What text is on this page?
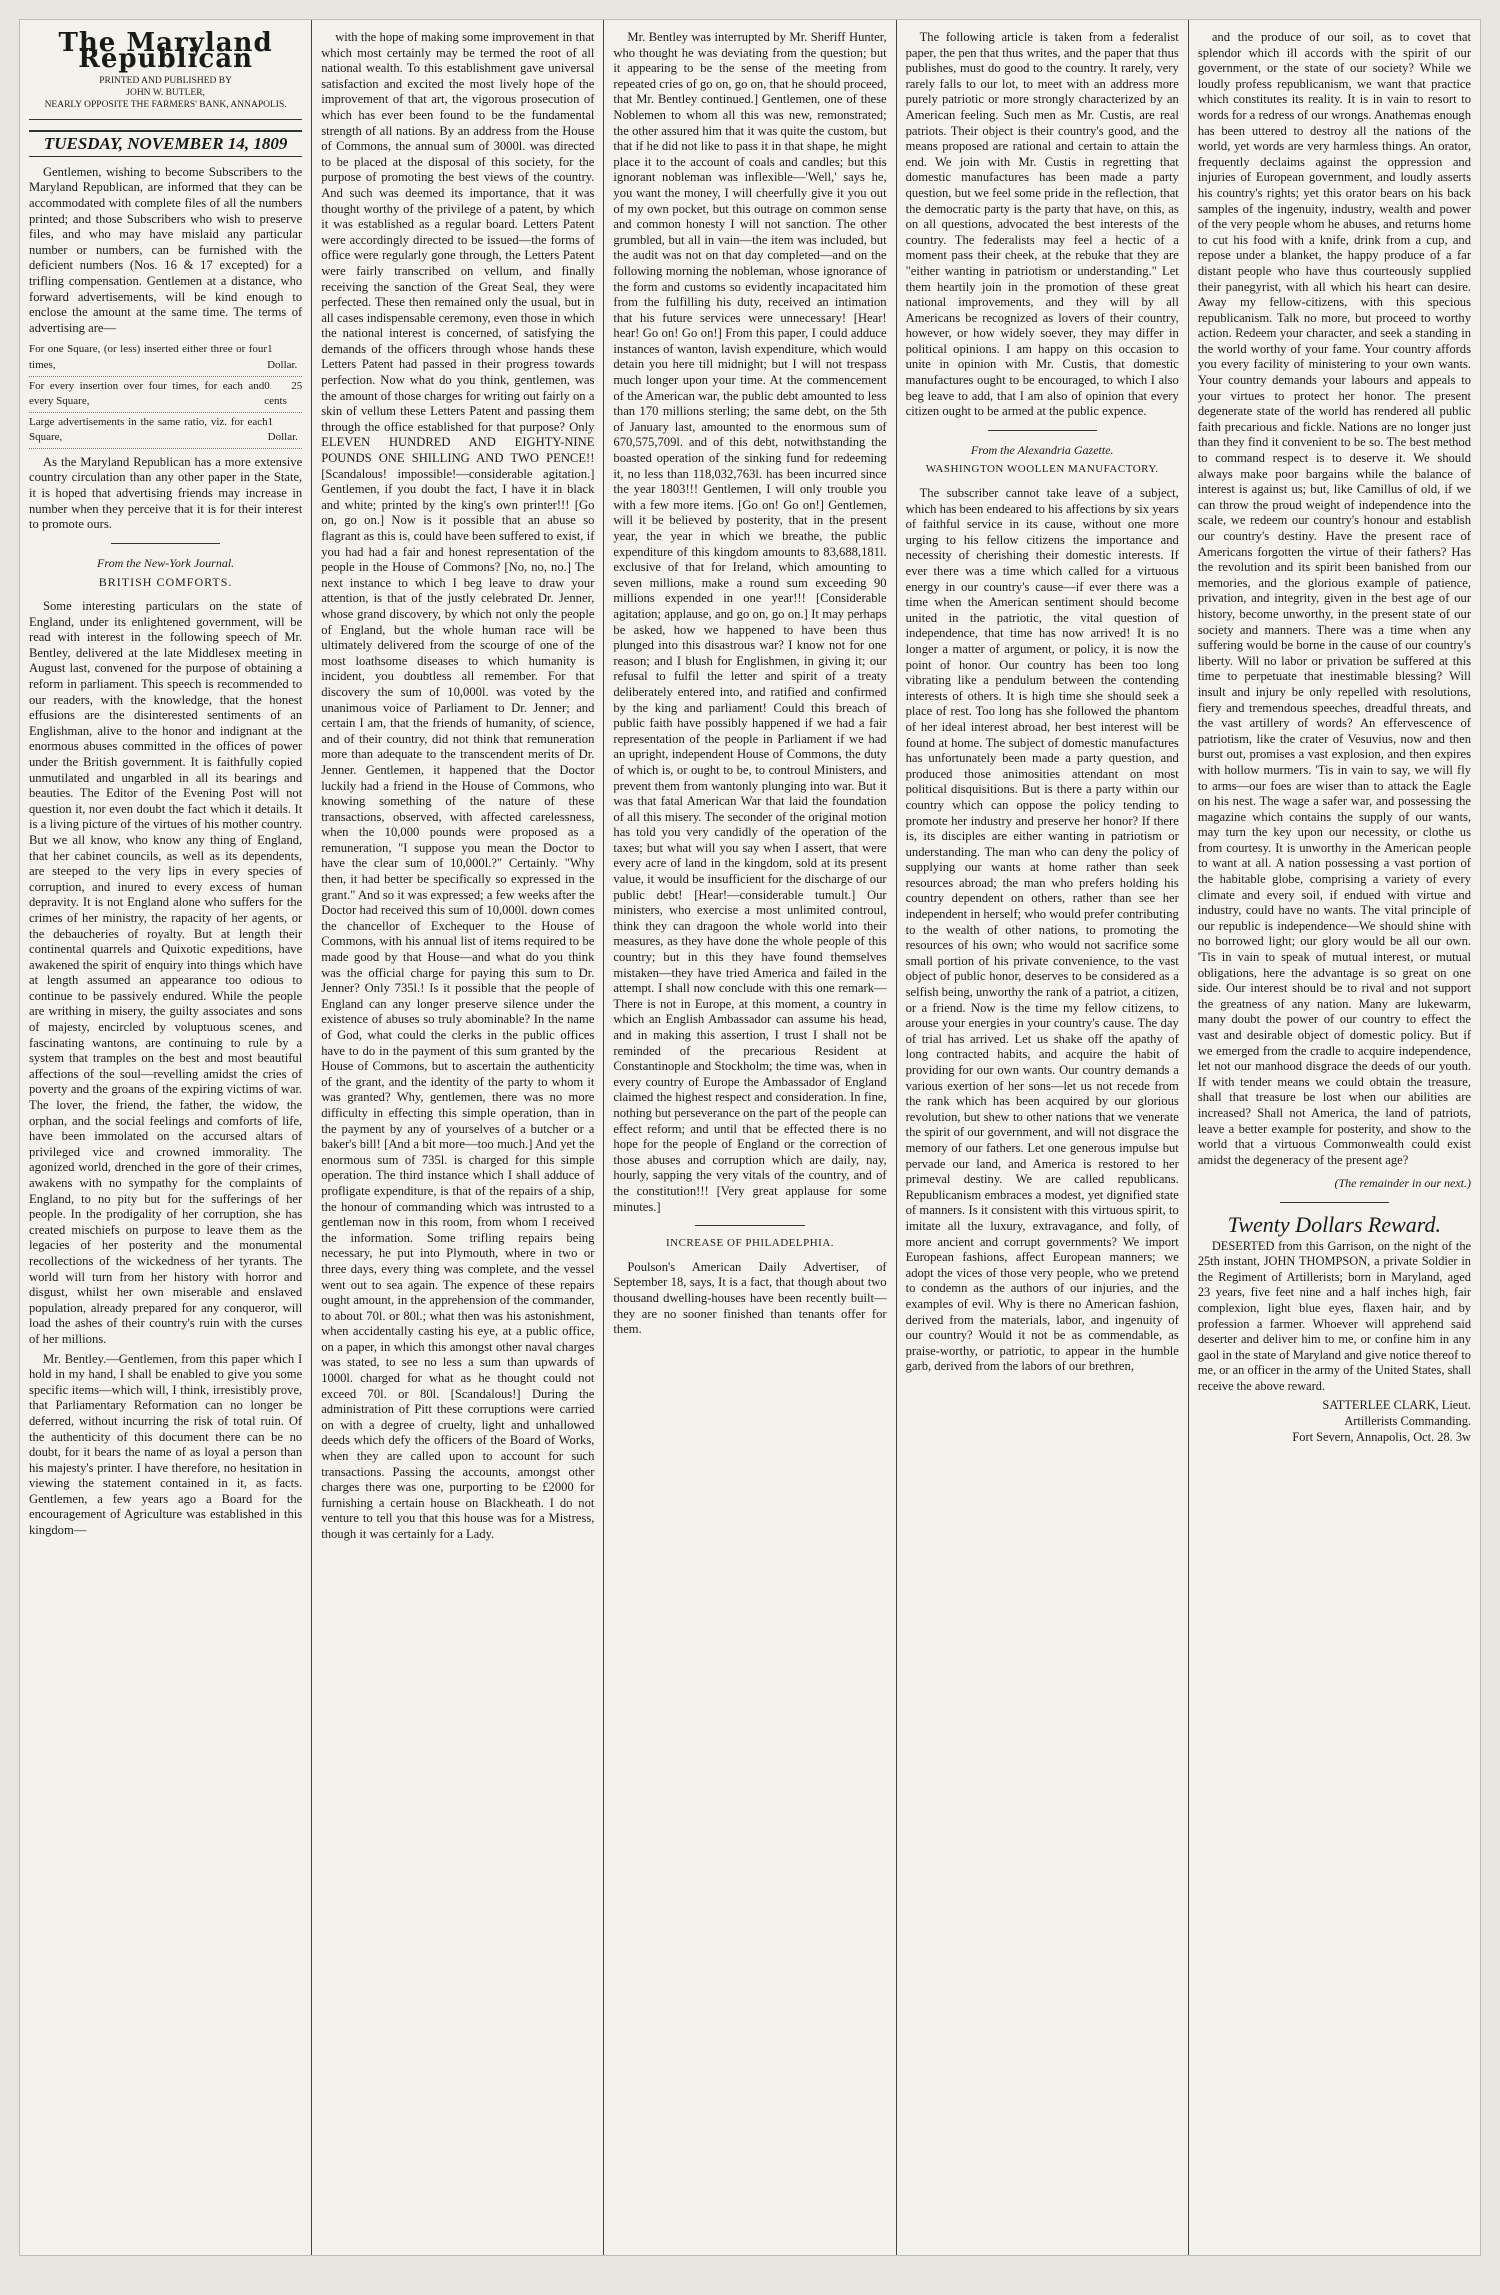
The Maryland Republican
PRINTED AND PUBLISHED BY
JOHN W. BUTLER,
NEARLY OPPOSITE THE FARMERS' BANK, ANNAPOLIS.
TUESDAY, NOVEMBER 14, 1809

Gentlemen, wishing to become Subscribers to the Maryland Republican, are informed that they can be accommodated with complete files of all the numbers printed; and those Subscribers who wish to preserve files, and who may have mislaid any particular number or numbers, can be furnished with the deficient numbers (Nos. 16 & 17 excepted) for a trifling compensation. Gentlemen at a distance, who forward advertisements, will be kind enough to enclose the amount at the same time. The terms of advertising are—

For one Square, (or less) inserted either three or four times,
1 Dollar.
For every insertion over four times, for each and every Square,
0 25 cents
Large advertisements in the same ratio, viz. for each Square,
1 Dollar.

As the Maryland Republican has a more extensive country circulation than any other paper in the State, it is hoped that advertising friends may increase in number when they perceive that it is for their interest to promote ours.

From the New-York Journal.
BRITISH COMFORTS.

Some interesting particulars on the state of England, under its enlightened government, will be read with interest in the following speech of Mr. Bentley, delivered at the late Middlesex meeting in August last, convened for the purpose of obtaining a reform in parliament. This speech is recommended to our readers, with the knowledge, that the honest effusions are the disinterested sentiments of an Englishman, alive to the honor and indignant at the enormous abuses committed in the offices of power under the British government. It is faithfully copied unmutilated and ungarbled in all its bearings and beauties. The Editor of the Evening Post will not question it, nor even doubt the fact which it details. It is a living picture of the virtues of his mother country. But we all know, who know any thing of England, that her cabinet councils, as well as its dependents, are steeped to the very lips in every species of corruption, and inured to every excess of human depravity. It is not England alone who suffers for the crimes of her ministry, the rapacity of her agents, or the debaucheries of royalty. But at length their continental quarrels and Quixotic expeditions, have awakened the spirit of enquiry into things which have at length assumed an appearance too odious to continue to be passively endured. While the people are writhing in misery, the guilty associates and sons of majesty, encircled by voluptuous scenes, and fascinating wantons, are continuing to rule by a system that tramples on the best and most beautiful affections of the soul—revelling amidst the cries of poverty and the groans of the expiring victims of war. The lover, the friend, the father, the widow, the orphan, and the social feelings and comforts of life, have been immolated on the accursed altars of privileged vice and crowned immorality. The agonized world, drenched in the gore of their crimes, awakens with no sympathy for the complaints of England, to no pity but for the sufferings of her people. In the prodigality of her corruption, she has created mischiefs on purpose to leave them as the legacies of her posterity and the monumental recollections of the wickedness of her tyrants. The world will turn from her history with horror and disgust, whilst her own miserable and enslaved population, already prepared for any conqueror, will load the ashes of their country's ruin with the curses of her millions.

Mr. Bentley.—Gentlemen, from this paper which I hold in my hand, I shall be enabled to give you some specific items—which will, I think, irresistibly prove, that Parliamentary Reformation can no longer be deferred, without incurring the risk of total ruin. Of the authenticity of this document there can be no doubt, for it bears the name of as loyal a person than his majesty's printer. I have therefore, no hesitation in viewing the statement contained in it, as facts. Gentlemen, a few years ago a Board for the encouragement of Agriculture was established in this kingdom—

with the hope of making some improvement in that which most certainly may be termed the root of all national wealth. To this establishment gave universal satisfaction and excited the most lively hope of the improvement of that art, the vigorous prosecution of which has ever been found to be the fundamental strength of all nations. By an address from the House of Commons, the annual sum of 3000l. was directed to be placed at the disposal of this society, for the purpose of promoting the best views of the country. And such was deemed its importance, that it was thought worthy of the privilege of a patent, by which it was established as a regular board. Letters Patent were accordingly directed to be issued—the forms of office were regularly gone through, the Letters Patent were fairly transcribed on vellum, and finally receiving the sanction of the Great Seal, they were perfected. These then remained only the usual, but in all cases indispensable ceremony, even those in which the national interest is concerned, of satisfying the demands of the officers through whose hands these Letters Patent had passed in their progress towards perfection. Now what do you think, gentlemen, was the amount of those charges for writing out fairly on a skin of vellum these Letters Patent and passing them through the office established for that purpose? Only ELEVEN HUNDRED AND EIGHTY-NINE POUNDS ONE SHILLING AND TWO PENCE!! [Scandalous! impossible!—considerable agitation.] Gentlemen, if you doubt the fact, I have it in black and white; printed by the king's own printer!!! [Go on, go on.] Now is it possible that an abuse so flagrant as this is, could have been suffered to exist, if you had had a fair and honest representation of the people in the House of Commons? [No, no, no.] The next instance to which I beg leave to draw your attention, is that of the justly celebrated Dr. Jenner, whose grand discovery, by which not only the people of England, but the whole human race will be ultimately delivered from the scourge of one of the most loathsome diseases to which humanity is incident, you doubtless all remember. For that discovery the sum of 10,000l. was voted by the unanimous voice of Parliament to Dr. Jenner; and certain I am, that the friends of humanity, of science, and of their country, did not think that remuneration more than adequate to the transcendent merits of Dr. Jenner. Gentlemen, it happened that the Doctor luckily had a friend in the House of Commons, who knowing something of the nature of these transactions, observed, with affected carelessness, when the 10,000 pounds were proposed as a remuneration, "I suppose you mean the Doctor to have the clear sum of 10,000l.?" Certainly. "Why then, it had better be specifically so expressed in the grant." And so it was expressed; a few weeks after the Doctor had received this sum of 10,000l. down comes the chancellor of Exchequer to the House of Commons, with his annual list of items required to be made good by that House—and what do you think was the official charge for paying this sum to Dr. Jenner? Only 735l.! Is it possible that the people of England can any longer preserve silence under the existence of abuses so truly abominable? In the name of God, what could the clerks in the public offices have to do in the payment of this sum granted by the House of Commons, but to ascertain the authenticity of the grant, and the identity of the party to whom it was granted? Why, gentlemen, there was no more difficulty in effecting this simple operation, than in the payment by any of yourselves of a butcher or a baker's bill! [And a bit more—too much.] And yet the enormous sum of 735l. is charged for this simple operation. The third instance which I shall adduce of profligate expenditure, is that of the repairs of a ship, the honour of commanding which was intrusted to a gentleman now in this room, from whom I received the information. Some trifling repairs being necessary, he put into Plymouth, where in two or three days, every thing was complete, and the vessel went out to sea again. The expence of these repairs ought amount, in the apprehension of the commander, to about 70l. or 80l.; what then was his astonishment, when accidentally casting his eye, at a public office, on a paper, in which this amongst other naval charges was stated, to see no less a sum than upwards of 1000l. charged for what as he thought could not exceed 70l. or 80l. [Scandalous!] During the administration of Pitt these corruptions were carried on with a degree of cruelty, light and unhallowed deeds which defy the officers of the Board of Works, when they are called upon to account for such transactions. Passing the accounts, amongst other charges there was one, purporting to be £2000 for furnishing a certain house on Blackheath. I do not venture to tell you that this house was for a Mistress, though it was certainly for a Lady.

Mr. Bentley was interrupted by Mr. Sheriff Hunter, who thought he was deviating from the question; but it appearing to be the sense of the meeting from repeated cries of go on, go on, that he should proceed, that Mr. Bentley continued.] Gentlemen, one of these Noblemen to whom all this was new, remonstrated; the other assured him that it was quite the custom, but that if he did not like to pass it in that shape, he might place it to the account of coals and candles; but this ignorant nobleman was inflexible—'Well,' says he, you want the money, I will cheerfully give it you out of my own pocket, but this outrage on common sense and common honesty I will not sanction. The other grumbled, but all in vain—the item was included, but the audit was not on that day completed—and on the following morning the nobleman, whose ignorance of the form and customs so evidently incapacitated him from the fulfilling his duty, received an intimation that his future services were unnecessary! [Hear! hear! Go on! Go on!] From this paper, I could adduce instances of wanton, lavish expenditure, which would detain you here till midnight; but I will not trespass much longer upon your time. At the commencement of the American war, the public debt amounted to less than 170 millions sterling; the same debt, on the 5th of January last, amounted to the enormous sum of 670,575,709l. and of this debt, notwithstanding the boasted operation of the sinking fund for redeeming it, no less than 118,032,763l. has been incurred since the year 1803!!! Gentlemen, I will only trouble you with a few more items. [Go on! Go on!] Gentlemen, will it be believed by posterity, that in the present year, the year in which we breathe, the public expenditure of this kingdom amounts to 83,688,181l. exclusive of that for Ireland, which amounting to seven millions, make a round sum exceeding 90 millions expended in one year!!! [Considerable agitation; applause, and go on, go on.] It may perhaps be asked, how we happened to have been thus plunged into this disastrous war? I know not for one reason; and I blush for Englishmen, in giving it; our refusal to fulfil the letter and spirit of a treaty deliberately entered into, and ratified and confirmed by the king and parliament! Could this breach of public faith have possibly happened if we had a fair representation of the people in Parliament if we had an upright, independent House of Commons, the duty of which is, or ought to be, to controul Ministers, and prevent them from wantonly plunging into war. But it was that fatal American War that laid the foundation of all this misery. The seconder of the original motion has told you very candidly of the operation of the taxes; but what will you say when I assert, that were every acre of land in the kingdom, sold at its present value, it would be insufficient for the discharge of our public debt! [Hear!—considerable tumult.] Our ministers, who exercise a most unlimited controul, think they can dragoon the whole world into their measures, as they have done the whole people of this country; but in this they have found themselves mistaken—they have tried America and failed in the attempt. I shall now conclude with this one remark—There is not in Europe, at this moment, a country in which an English Ambassador can assume his head, and in making this assertion, I trust I shall not be reminded of the precarious Resident at Constantinople and Stockholm; the time was, when in every country of Europe the Ambassador of England claimed the highest respect and consideration. In fine, nothing but perseverance on the part of the people can effect reform; and until that be effected there is no hope for the people of England or the correction of those abuses and corruption which are daily, nay, hourly, sapping the very vitals of the country, and of the constitution!!! [Very great applause for some minutes.]

INCREASE OF PHILADELPHIA.

Poulson's American Daily Advertiser, of September 18, says, It is a fact, that though about two thousand dwelling-houses have been recently built—they are no sooner finished than tenants offer for them.

The following article is taken from a federalist paper, the pen that thus writes, and the paper that thus publishes, must do good to the country. It rarely, very rarely falls to our lot, to meet with an address more purely patriotic or more strongly characterized by an American feeling. Such men as Mr. Custis, are real patriots. Their object is their country's good, and the means proposed are rational and certain to attain the end. We join with Mr. Custis in regretting that domestic manufactures has been made a party question, but we feel some pride in the reflection, that the democratic party is the party that have, on this, as on all questions, advocated the best interests of the country. The federalists may feel a hectic of a moment pass their cheek, at the rebuke that they are "either wanting in patriotism or understanding." Let them heartily join in the promotion of these great national improvements, and they will by all Americans be recognized as lovers of their country, however, or how widely soever, they may differ in political opinions. I am happy on this occasion to unite in opinion with Mr. Custis, that domestic manufactures ought to be encouraged, to which I also beg leave to add, that I am also of opinion that every citizen ought to be armed at the public expence.

From the Alexandria Gazette.
WASHINGTON WOOLLEN MANUFACTORY.

The subscriber cannot take leave of a subject, which has been endeared to his affections by six years of faithful service in its cause, without one more urging to his fellow citizens the importance and necessity of cherishing their domestic interests. If ever there was a time which called for a virtuous energy in our country's cause—if ever there was a time when the American sentiment should become united in the patriotic, the vital question of independence, that time has now arrived! It is no longer a matter of argument, or policy, it is now the point of honor. Our country has been too long vibrating like a pendulum between the contending interests of others. It is high time she should seek a place of rest. Too long has she followed the phantom of her ideal interest abroad, her best interest will be found at home. The subject of domestic manufactures has unfortunately been made a party question, and produced those animosities attendant on most political disquisitions. But is there a party within our country which can oppose the policy tending to promote her industry and preserve her honor? If there is, its disciples are either wanting in patriotism or understanding. The man who can deny the policy of supplying our wants at home rather than seek resources abroad; the man who prefers holding his country dependent on others, rather than see her independent in herself; who would prefer contributing to the wealth of other nations, to promoting the resources of his own; who would not sacrifice some small portion of his private convenience, to the vast object of public honor, deserves to be considered as a selfish being, unworthy the rank of a patriot, a citizen, or a friend. Now is the time my fellow citizens, to arouse your energies in your country's cause. The day of trial has arrived. Let us shake off the apathy of long contracted habits, and acquire the habit of providing for our own wants. Our country demands a various exertion of her sons—let us not recede from the rank which has been acquired by our glorious revolution, but shew to other nations that we venerate the spirit of our government, and will not disgrace the memory of our fathers. Let one generous impulse but pervade our land, and America is restored to her primeval destiny. We are called republicans. Republicanism embraces a modest, yet dignified state of manners. Is it consistent with this virtuous spirit, to imitate all the luxury, extravagance, and folly, of more ancient and corrupt governments? We import European fashions, affect European manners; we adopt the vices of those very people, who we pretend to condemn as the authors of our injuries, and the examples of evil. Why is there no American fashion, derived from the materials, labor, and ingenuity of our country? Would it not be as commendable, as praise-worthy, or patriotic, to appear in the humble garb, derived from the labors of our brethren,

and the produce of our soil, as to covet that splendor which ill accords with the spirit of our government, or the state of our society? While we loudly profess republicanism, we want that practice which constitutes its reality. It is in vain to resort to words for a redress of our wrongs. Anathemas enough has been uttered to destroy all the nations of the world, yet words are very harmless things. An orator, frequently declaims against the oppression and injuries of European government, and loudly asserts his country's rights; yet this orator bears on his back samples of the ingenuity, industry, wealth and power of the very people whom he abuses, and returns home to cut his food with a knife, drink from a cup, and repose under a blanket, the happy produce of a far distant people who have thus courteously supplied their panegyrist, with all which his heart can desire. Away my fellow-citizens, with this specious republicanism. Talk no more, but proceed to worthy action. Redeem your character, and seek a standing in the world worthy of your fame. Your country affords you every facility of ministering to your own wants. Your country demands your labours and appeals to your virtues to protect her honor. The present degenerate state of the world has rendered all public faith precarious and fickle. Nations are no longer just than they find it convenient to be so. The best method to command respect is to deserve it. We should always make poor bargains while the balance of interest is against us; but, like Camillus of old, if we can throw the proud weight of independence into the scale, we redeem our country's honour and establish our country's destiny. Have the present race of Americans forgotten the virtue of their fathers? Has the revolution and its spirit been banished from our memories, and the glorious example of patience, privation, and integrity, given in the best age of our history, become unworthy, in the present state of our society and manners. There was a time when any suffering would be borne in the cause of our country's liberty. Will no labor or privation be suffered at this time to perpetuate that inestimable blessing? Will insult and injury be only repelled with resolutions, fiery and tremendous speeches, dreadful threats, and the vast artillery of words? An effervescence of patriotism, like the crater of Vesuvius, now and then burst out, promises a vast explosion, and then expires with hollow murmers. 'Tis in vain to say, we will fly to arms—our foes are wiser than to attack the Eagle on his nest. The wage a safer war, and possessing the magazine which contains the supply of our wants, may turn the key upon our necessity, or clothe us from courtesy. It is unworthy in the American people to want at all. A nation possessing a vast portion of the habitable globe, comprising a variety of every climate and every soil, if endued with virtue and industry, could have no wants. The vital principle of our republic is independence—We should shine with no borrowed light; our glory would be all our own. 'Tis in vain to speak of mutual interest, or mutual obligations, here the advantage is so great on one side. Our interest should be to rival and not support the greatness of any nation. Many are lukewarm, many doubt the power of our country to effect the vast and desirable object of domestic policy. But if we emerged from the cradle to acquire independence, let not our manhood disgrace the deeds of our youth. If with tender means we could obtain the treasure, shall that treasure be lost when our abilities are increased? Shall not America, the land of patriots, leave a better example for posterity, and show to the world that a virtuous Commonwealth could exist amidst the degeneracy of the present age?

(The remainder in our next.)
Twenty Dollars Reward.

DESERTED from this Garrison, on the night of the 25th instant, JOHN THOMPSON, a private Soldier in the Regiment of Artillerists; born in Maryland, aged 23 years, five feet nine and a half inches high, fair complexion, light blue eyes, flaxen hair, and by profession a farmer. Whoever will apprehend said deserter and deliver him to me, or confine him in any gaol in the state of Maryland and give notice thereof to me, or an officer in the army of the United States, shall receive the above reward.

SATTERLEE CLARK, Lieut.
Artillerists Commanding.
Fort Severn, Annapolis, Oct. 28. 3w
